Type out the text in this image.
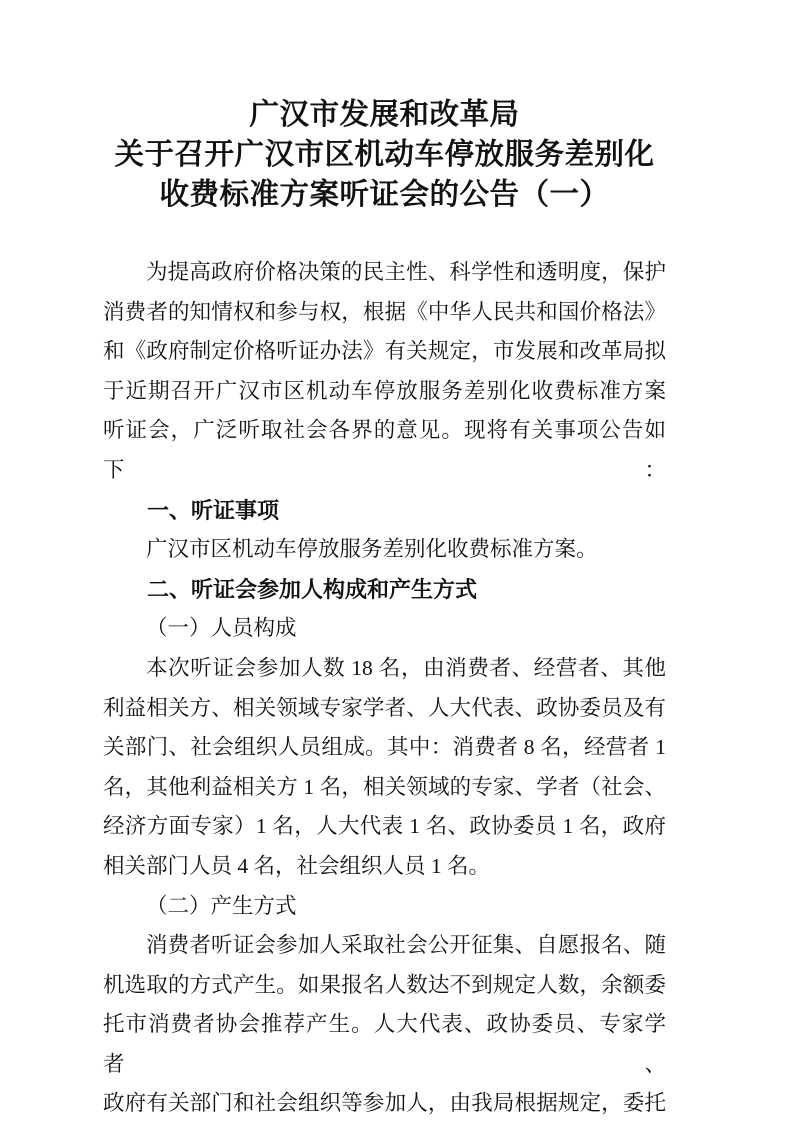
广汉市发展和改革局
关于召开广汉市区机动车停放服务差别化
收费标准方案听证会的公告（一）
为提高政府价格决策的民主性、科学性和透明度，保护
消费者的知情权和参与权，根据《中华人民共和国价格法》
和《政府制定价格听证办法》有关规定，市发展和改革局拟
于近期召开广汉市区机动车停放服务差别化收费标准方案
听证会，广泛听取社会各界的意见。现将有关事项公告如下：
一、听证事项
广汉市区机动车停放服务差别化收费标准方案。
二、听证会参加人构成和产生方式
（一）人员构成
本次听证会参加人数 18 名，由消费者、经营者、其他
利益相关方、相关领域专家学者、人大代表、政协委员及有
关部门、社会组织人员组成。其中：消费者 8 名，经营者 1
名，其他利益相关方 1 名，相关领域的专家、学者（社会、
经济方面专家）1 名，人大代表 1 名、政协委员 1 名，政府
相关部门人员 4 名，社会组织人员 1 名。
（二）产生方式
消费者听证会参加人采取社会公开征集、自愿报名、随
机选取的方式产生。如果报名人数达不到规定人数，余额委
托市消费者协会推荐产生。人大代表、政协委员、专家学者、
政府有关部门和社会组织等参加人，由我局根据规定，委托
